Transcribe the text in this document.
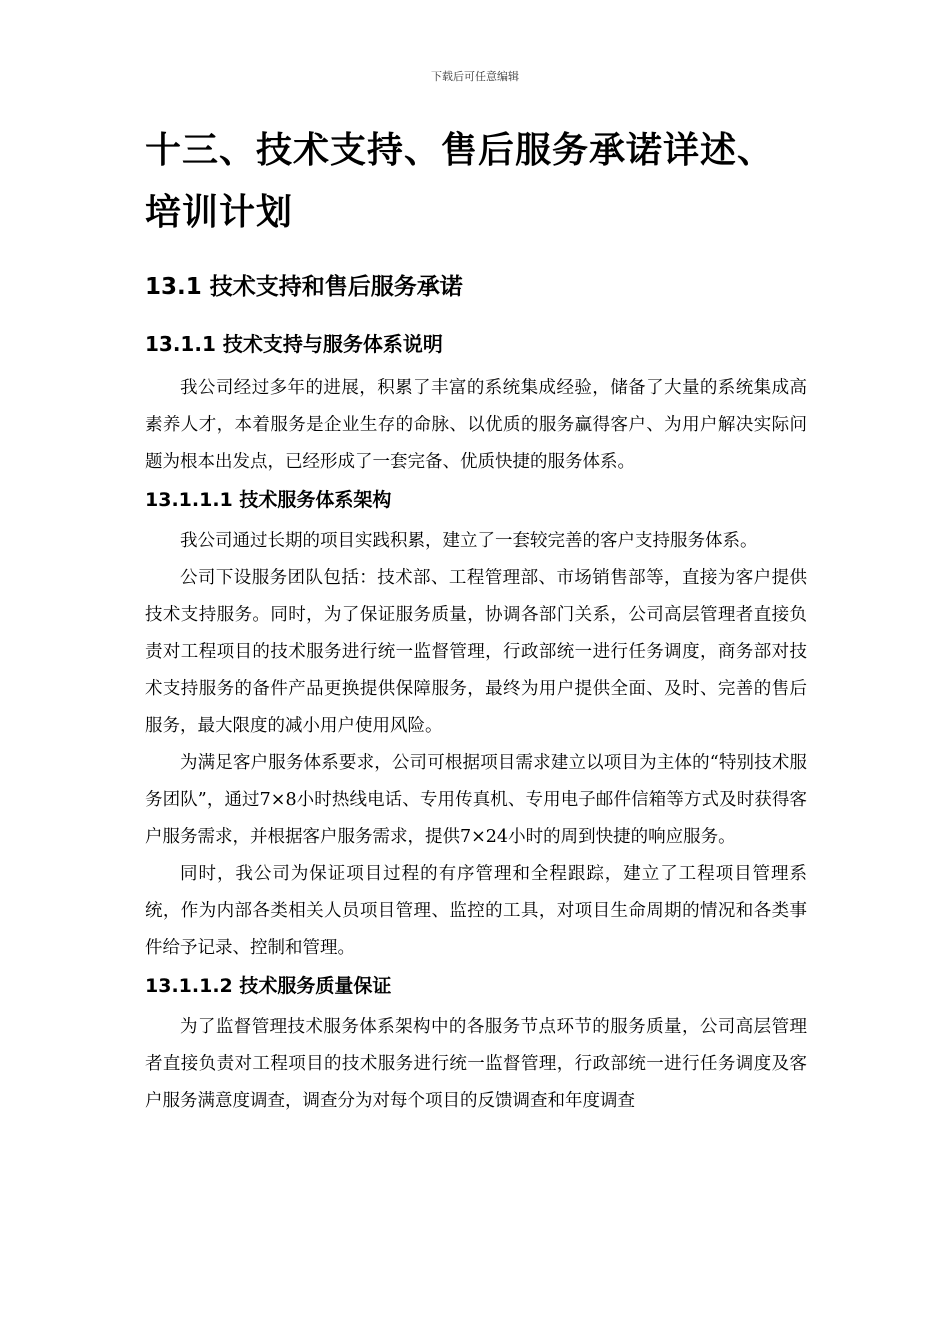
下载后可任意编辑
十三、技术支持、售后服务承诺详述、培训计划
13.1 技术支持和售后服务承诺
13.1.1 技术支持与服务体系说明

我公司经过多年的进展，积累了丰富的系统集成经验，储备了大量的系统集成高素养人才，本着服务是企业生存的命脉、以优质的服务赢得客户、为用户解决实际问题为根本出发点，已经形成了一套完备、优质快捷的服务体系。

13.1.1.1 技术服务体系架构

我公司通过长期的项目实践积累，建立了一套较完善的客户支持服务体系。

公司下设服务团队包括：技术部、工程管理部、市场销售部等，直接为客户提供技术支持服务。同时，为了保证服务质量，协调各部门关系，公司高层管理者直接负责对工程项目的技术服务进行统一监督管理，行政部统一进行任务调度，商务部对技术支持服务的备件产品更换提供保障服务，最终为用户提供全面、及时、完善的售后服务，最大限度的减小用户使用风险。

为满足客户服务体系要求，公司可根据项目需求建立以项目为主体的“特别技术服务团队”，通过7×8小时热线电话、专用传真机、专用电子邮件信箱等方式及时获得客户服务需求，并根据客户服务需求，提供7×24小时的周到快捷的响应服务。

同时，我公司为保证项目过程的有序管理和全程跟踪，建立了工程项目管理系统，作为内部各类相关人员项目管理、监控的工具，对项目生命周期的情况和各类事件给予记录、控制和管理。

13.1.1.2 技术服务质量保证

为了监督管理技术服务体系架构中的各服务节点环节的服务质量，公司高层管理者直接负责对工程项目的技术服务进行统一监督管理，行政部统一进行任务调度及客户服务满意度调查，调查分为对每个项目的反馈调查和年度调查
